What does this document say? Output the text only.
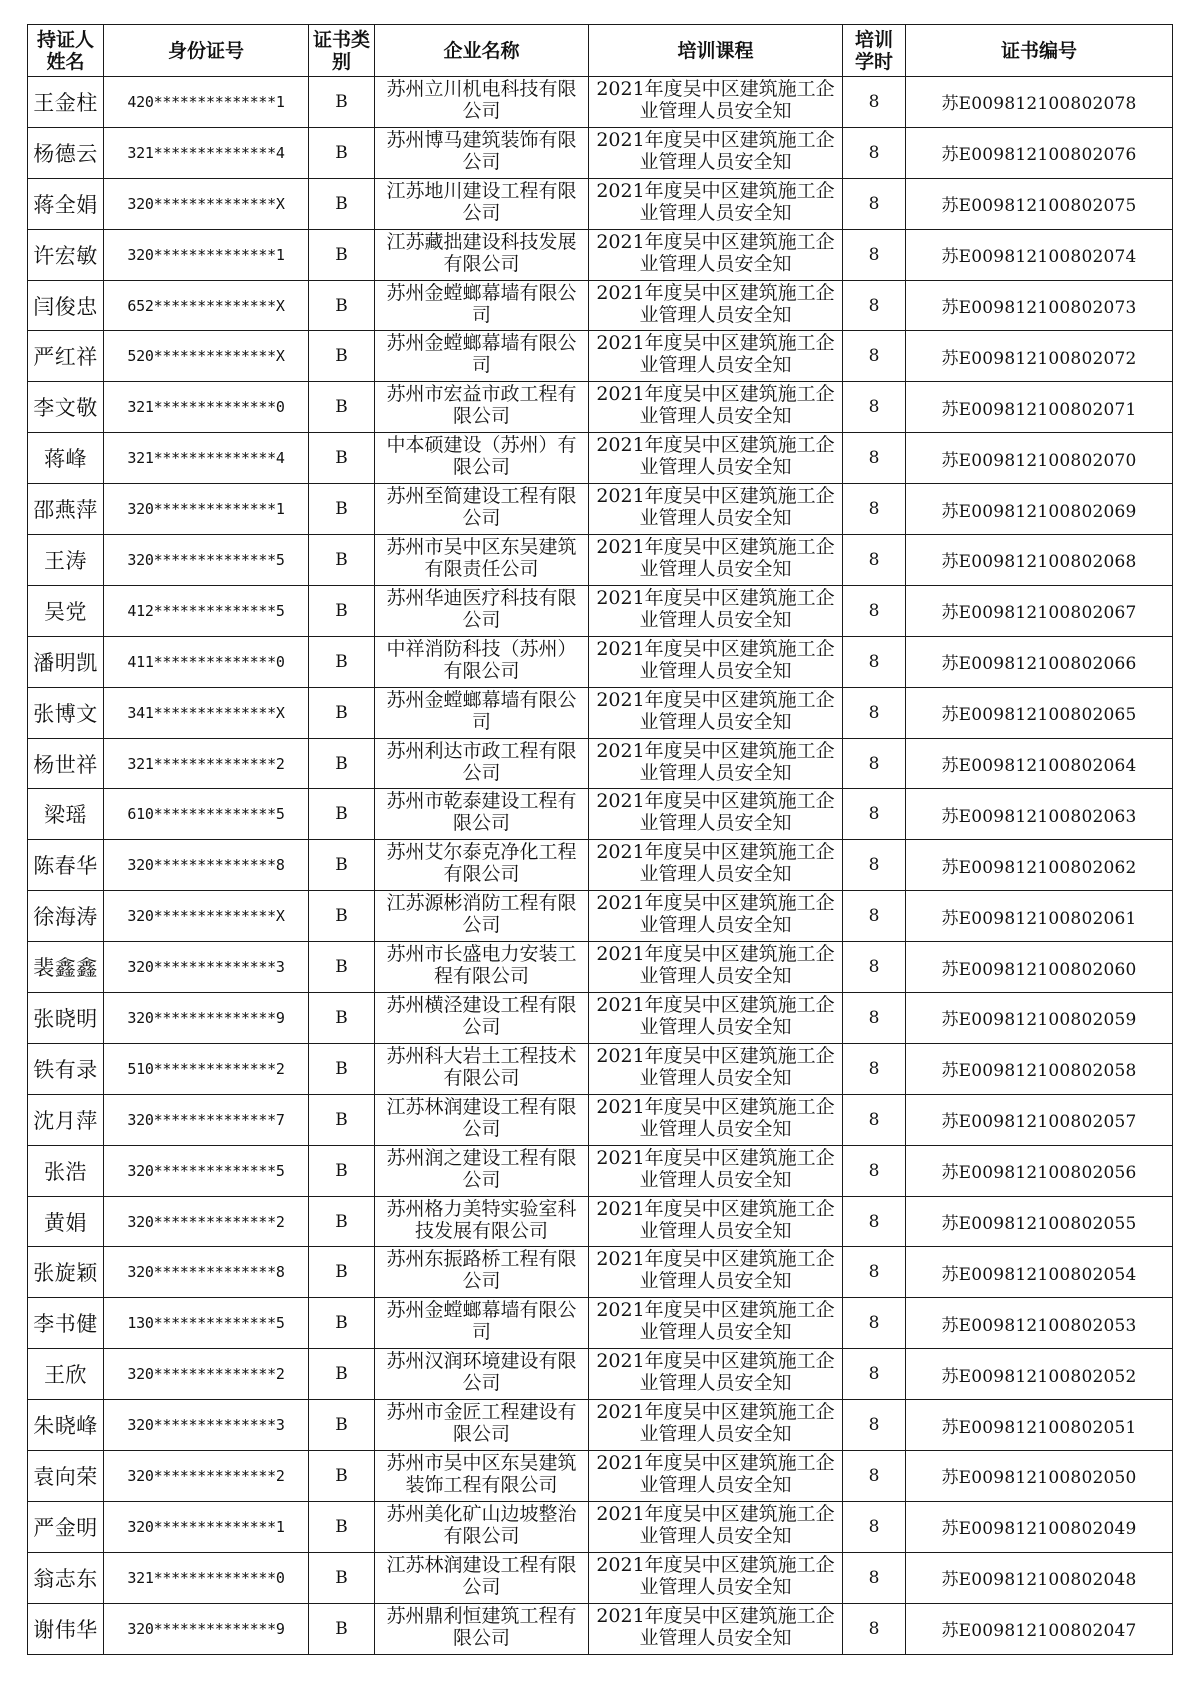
持证人姓名	身份证号	证书类别	企业名称	培训课程	培训学时	证书编号
王金柱	420**************1	B	苏州立川机电科技有限公司	2021年度吴中区建筑施工企业管理人员安全知	8	苏E009812100802078
杨德云	321**************4	B	苏州博马建筑装饰有限公司	2021年度吴中区建筑施工企业管理人员安全知	8	苏E009812100802076
蒋全娟	320**************X	B	江苏地川建设工程有限公司	2021年度吴中区建筑施工企业管理人员安全知	8	苏E009812100802075
许宏敏	320**************1	B	江苏藏拙建设科技发展有限公司	2021年度吴中区建筑施工企业管理人员安全知	8	苏E009812100802074
闫俊忠	652**************X	B	苏州金螳螂幕墙有限公司	2021年度吴中区建筑施工企业管理人员安全知	8	苏E009812100802073
严红祥	520**************X	B	苏州金螳螂幕墙有限公司	2021年度吴中区建筑施工企业管理人员安全知	8	苏E009812100802072
李文敬	321**************0	B	苏州市宏益市政工程有限公司	2021年度吴中区建筑施工企业管理人员安全知	8	苏E009812100802071
蒋峰	321**************4	B	中本硕建设（苏州）有限公司	2021年度吴中区建筑施工企业管理人员安全知	8	苏E009812100802070
邵燕萍	320**************1	B	苏州至简建设工程有限公司	2021年度吴中区建筑施工企业管理人员安全知	8	苏E009812100802069
王涛	320**************5	B	苏州市吴中区东吴建筑有限责任公司	2021年度吴中区建筑施工企业管理人员安全知	8	苏E009812100802068
吴党	412**************5	B	苏州华迪医疗科技有限公司	2021年度吴中区建筑施工企业管理人员安全知	8	苏E009812100802067
潘明凯	411**************0	B	中祥消防科技（苏州）有限公司	2021年度吴中区建筑施工企业管理人员安全知	8	苏E009812100802066
张博文	341**************X	B	苏州金螳螂幕墙有限公司	2021年度吴中区建筑施工企业管理人员安全知	8	苏E009812100802065
杨世祥	321**************2	B	苏州利达市政工程有限公司	2021年度吴中区建筑施工企业管理人员安全知	8	苏E009812100802064
梁瑶	610**************5	B	苏州市乾泰建设工程有限公司	2021年度吴中区建筑施工企业管理人员安全知	8	苏E009812100802063
陈春华	320**************8	B	苏州艾尔泰克净化工程有限公司	2021年度吴中区建筑施工企业管理人员安全知	8	苏E009812100802062
徐海涛	320**************X	B	江苏源彬消防工程有限公司	2021年度吴中区建筑施工企业管理人员安全知	8	苏E009812100802061
裴鑫鑫	320**************3	B	苏州市长盛电力安装工程有限公司	2021年度吴中区建筑施工企业管理人员安全知	8	苏E009812100802060
张晓明	320**************9	B	苏州横泾建设工程有限公司	2021年度吴中区建筑施工企业管理人员安全知	8	苏E009812100802059
铁有录	510**************2	B	苏州科大岩土工程技术有限公司	2021年度吴中区建筑施工企业管理人员安全知	8	苏E009812100802058
沈月萍	320**************7	B	江苏林润建设工程有限公司	2021年度吴中区建筑施工企业管理人员安全知	8	苏E009812100802057
张浩	320**************5	B	苏州润之建设工程有限公司	2021年度吴中区建筑施工企业管理人员安全知	8	苏E009812100802056
黄娟	320**************2	B	苏州格力美特实验室科技发展有限公司	2021年度吴中区建筑施工企业管理人员安全知	8	苏E009812100802055
张旋颖	320**************8	B	苏州东振路桥工程有限公司	2021年度吴中区建筑施工企业管理人员安全知	8	苏E009812100802054
李书健	130**************5	B	苏州金螳螂幕墙有限公司	2021年度吴中区建筑施工企业管理人员安全知	8	苏E009812100802053
王欣	320**************2	B	苏州汉润环境建设有限公司	2021年度吴中区建筑施工企业管理人员安全知	8	苏E009812100802052
朱晓峰	320**************3	B	苏州市金匠工程建设有限公司	2021年度吴中区建筑施工企业管理人员安全知	8	苏E009812100802051
袁向荣	320**************2	B	苏州市吴中区东吴建筑装饰工程有限公司	2021年度吴中区建筑施工企业管理人员安全知	8	苏E009812100802050
严金明	320**************1	B	苏州美化矿山边坡整治有限公司	2021年度吴中区建筑施工企业管理人员安全知	8	苏E009812100802049
翁志东	321**************0	B	江苏林润建设工程有限公司	2021年度吴中区建筑施工企业管理人员安全知	8	苏E009812100802048
谢伟华	320**************9	B	苏州鼎利恒建筑工程有限公司	2021年度吴中区建筑施工企业管理人员安全知	8	苏E009812100802047
